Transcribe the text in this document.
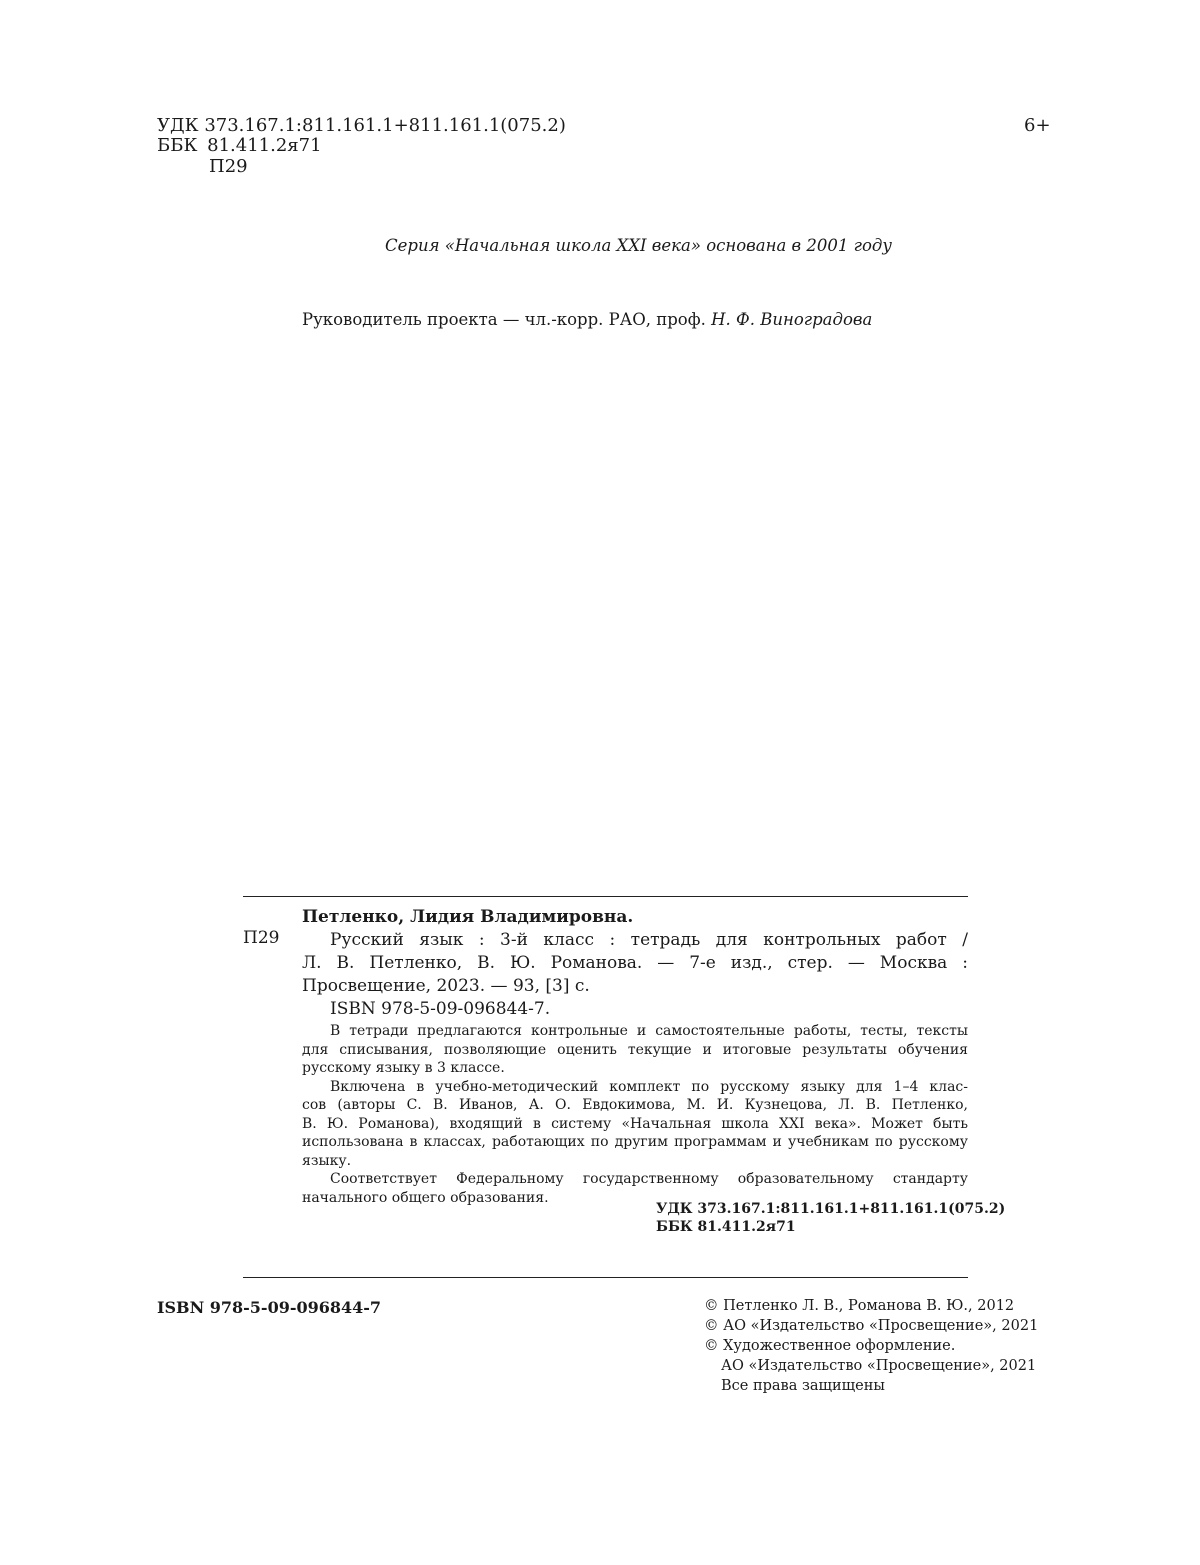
УДК 373.167.1:811.161.1+811.161.1(075.2)
ББК 81.411.2я71
П29
6+
Серия «Начальная школа XXI века» основана в 2001 году
Руководитель проекта — чл.-корр. РАО, проф. Н. Ф. Виноградова
П29
Петленко, Лидия Владимировна.
Русский язык : 3-й класс : тетрадь для контрольных работ /
Л. В. Петленко, В. Ю. Романова. — 7-е изд., стер. — Москва :
Просвещение, 2023. — 93, [3] с.
ISBN 978-5-09-096844-7.
В тетради предлагаются контрольные и самостоятельные работы, тесты, тексты
для списывания, позволяющие оценить текущие и итоговые результаты обучения
русскому языку в 3 классе.
Включена в учебно-методический комплект по русскому языку для 1–4 клас-
сов (авторы С. В. Иванов, А. О. Евдокимова, М. И. Кузнецова, Л. В. Петленко,
В. Ю. Романова), входящий в систему «Начальная школа XXI века». Может быть
использована в классах, работающих по другим программам и учебникам по русскому
языку.
Соответствует Федеральному государственному образовательному стандарту
начального общего образования.
УДК 373.167.1:811.161.1+811.161.1(075.2)
ББК 81.411.2я71
ISBN 978-5-09-096844-7	© Петленко Л. В., Романова В. Ю., 2012
© АО «Издательство «Просвещение», 2021
© Художественное оформление.
АО «Издательство «Просвещение», 2021
Все права защищены
